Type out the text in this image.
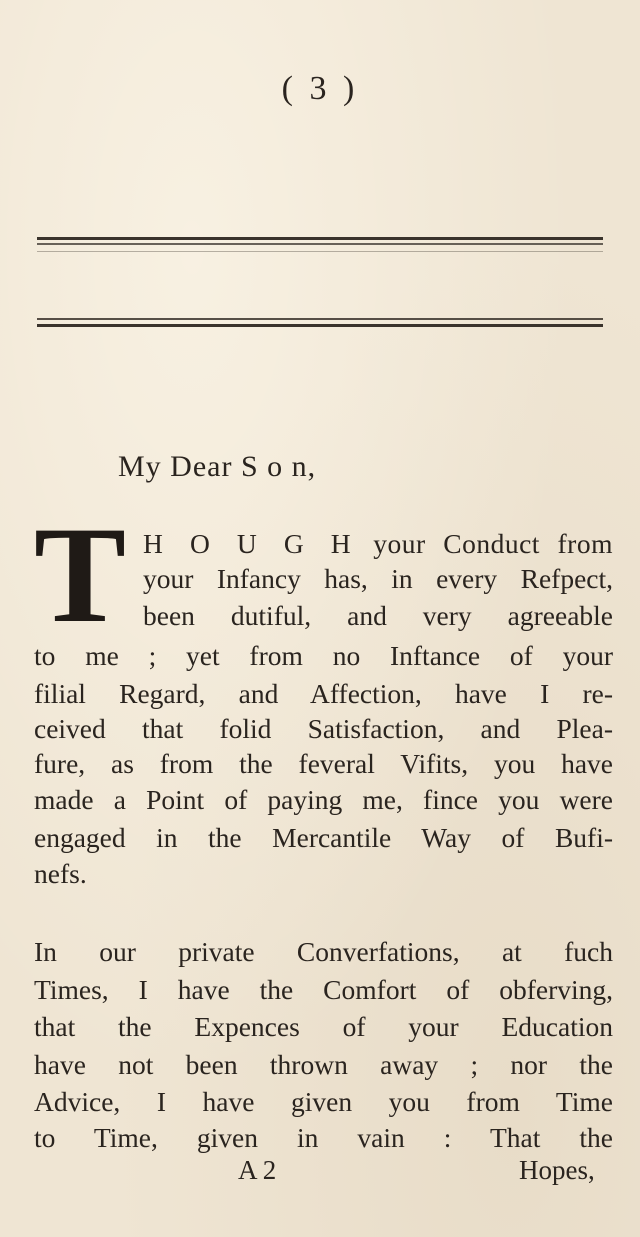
( 3 )
My Dear S o n,
T H O U G H your Conduct from
your Infancy has, in every Refpect,
been dutiful, and very agreeable
to me ; yet from no Inftance of your
filial Regard, and Affection, have I re-
ceived that folid Satisfaction, and Plea-
fure, as from the feveral Vifits, you have
made a Point of paying me, fince you were
engaged in the Mercantile Way of Bufi-
nefs.
In our private Converfations, at fuch
Times, I have the Comfort of obferving,
that the Expences of your Education
have not been thrown away ; nor the
Advice, I have given you from Time
to Time, given in vain : That the
A 2	Hopes,
